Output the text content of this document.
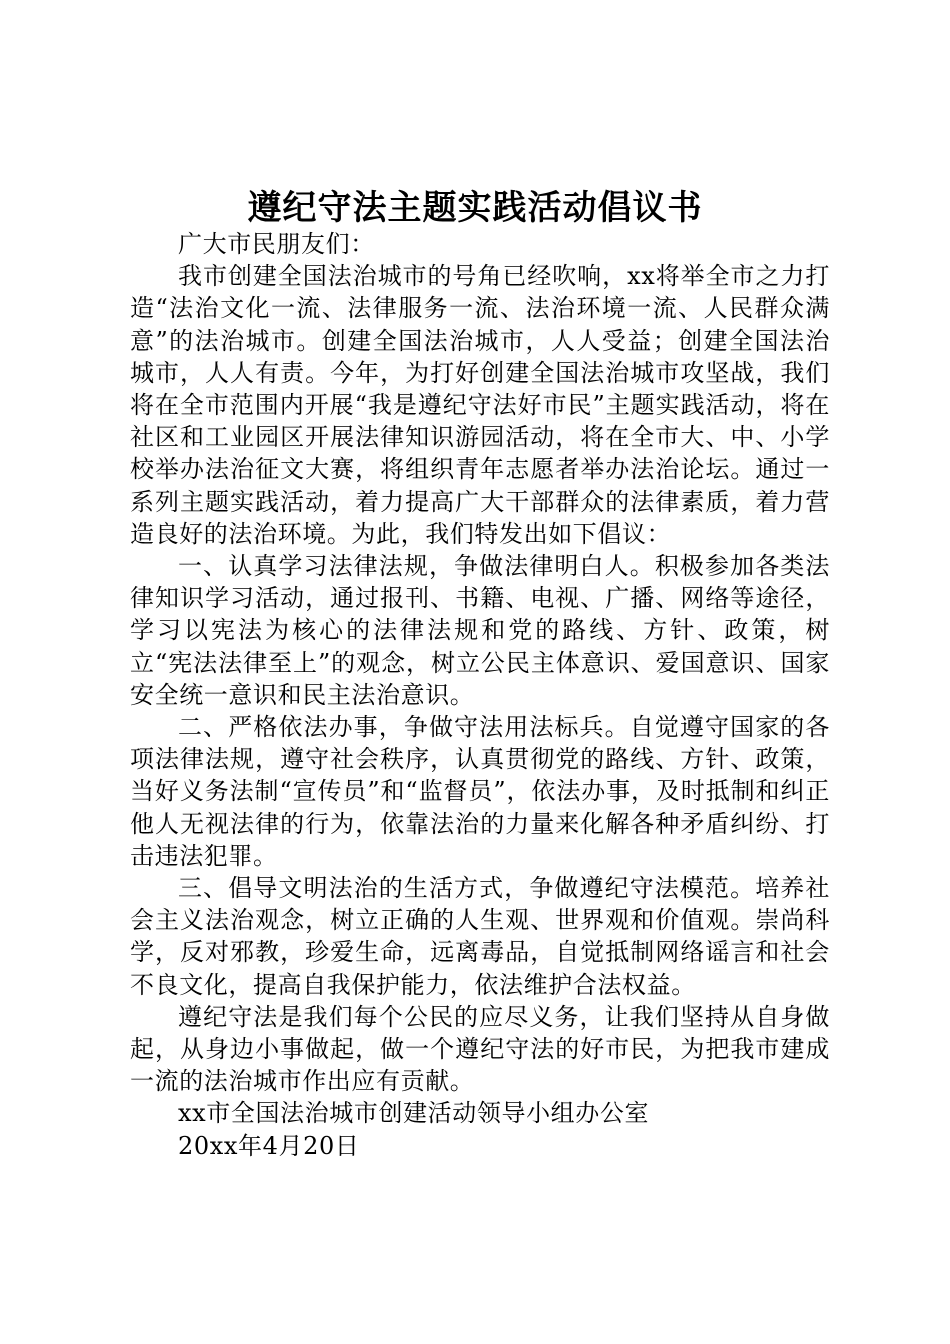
遵纪守法主题实践活动倡议书

广大市民朋友们：

我市创建全国法治城市的号角已经吹响，xx将举全市之力打造“法治文化一流、法律服务一流、法治环境一流、人民群众满意”的法治城市。创建全国法治城市，人人受益；创建全国法治城市，人人有责。今年，为打好创建全国法治城市攻坚战，我们将在全市范围内开展“我是遵纪守法好市民”主题实践活动，将在社区和工业园区开展法律知识游园活动，将在全市大、中、小学校举办法治征文大赛，将组织青年志愿者举办法治论坛。通过一系列主题实践活动，着力提高广大干部群众的法律素质，着力营造良好的法治环境。为此，我们特发出如下倡议：

一、认真学习法律法规，争做法律明白人。积极参加各类法律知识学习活动，通过报刊、书籍、电视、广播、网络等途径，学习以宪法为核心的法律法规和党的路线、方针、政策，树立“宪法法律至上”的观念，树立公民主体意识、爱国意识、国家安全统一意识和民主法治意识。

二、严格依法办事，争做守法用法标兵。自觉遵守国家的各项法律法规，遵守社会秩序，认真贯彻党的路线、方针、政策，当好义务法制“宣传员”和“监督员”，依法办事，及时抵制和纠正他人无视法律的行为，依靠法治的力量来化解各种矛盾纠纷、打击违法犯罪。

三、倡导文明法治的生活方式，争做遵纪守法模范。培养社会主义法治观念，树立正确的人生观、世界观和价值观。崇尚科学，反对邪教，珍爱生命，远离毒品，自觉抵制网络谣言和社会不良文化，提高自我保护能力，依法维护合法权益。

遵纪守法是我们每个公民的应尽义务，让我们坚持从自身做起，从身边小事做起，做一个遵纪守法的好市民，为把我市建成一流的法治城市作出应有贡献。

xx市全国法治城市创建活动领导小组办公室

20xx年4月20日
